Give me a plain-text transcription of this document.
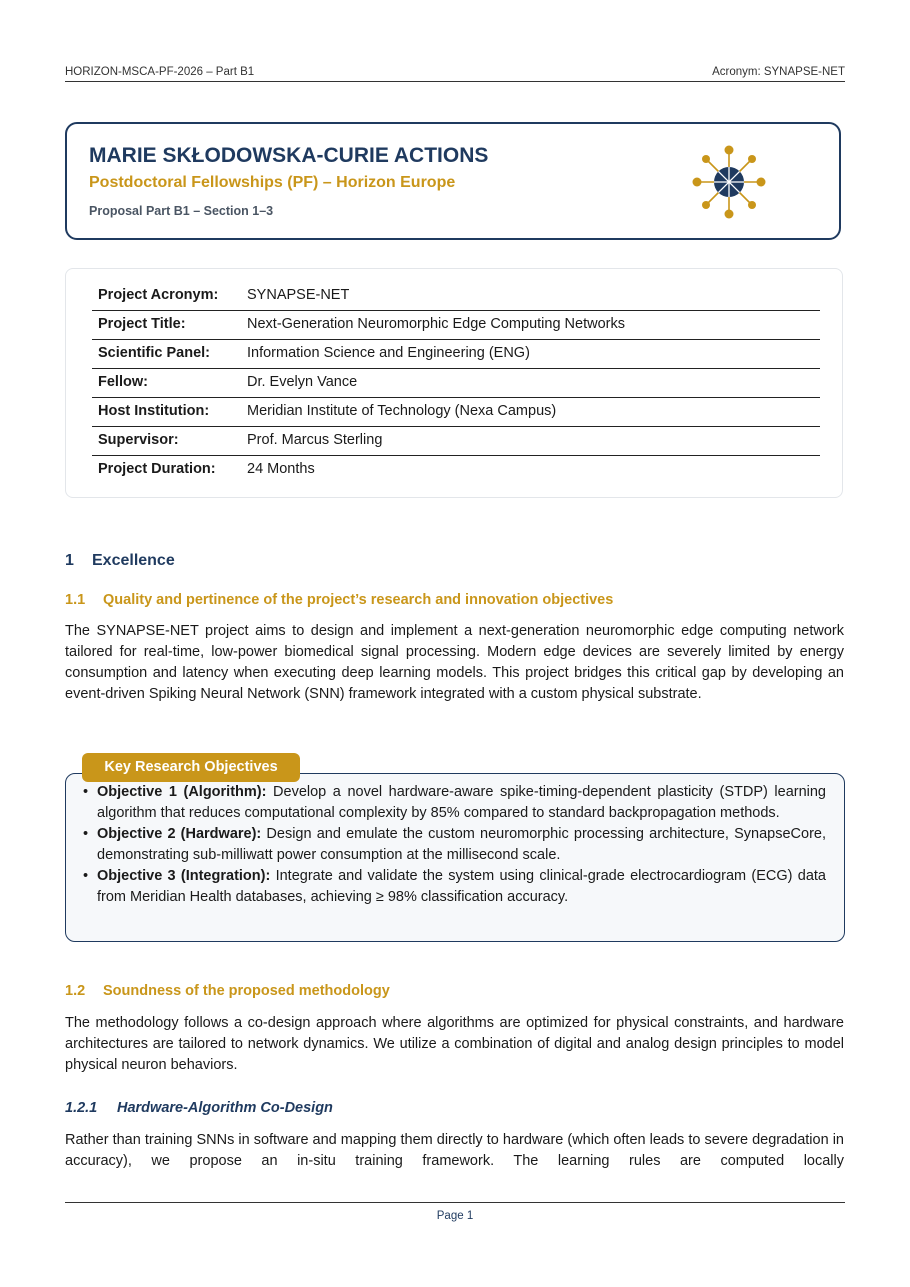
HORIZON-MSCA-PF-2026 – Part B1	Acronym: SYNAPSE-NET
MARIE SKŁODOWSKA-CURIE ACTIONS
Postdoctoral Fellowships (PF) – Horizon Europe
Proposal Part B1 – Section 1–3
Project Acronym: SYNAPSE-NET
Project Title:	Next-Generation Neuromorphic Edge Computing Networks
Scientific Panel:	Information Science and Engineering (ENG)
Fellow:	Dr. Evelyn Vance
Host Institution:	Meridian Institute of Technology (Nexa Campus)
Supervisor:	Prof. Marcus Sterling
Project Duration: 24 Months
1 Excellence
1.1 Quality and pertinence of the project’s research and innovation objectives

The SYNAPSE-NET project aims to design and implement a next-generation neuromorphic edge computing network tailored for real-time, low-power biomedical signal processing. Modern edge devices are severely limited by energy consumption and latency when executing deep learning models. This project bridges this critical gap by developing an event-driven Spiking Neural Network (SNN) framework integrated with a custom physical substrate.

Key Research Objectives
• Objective 1 (Algorithm): Develop a novel hardware-aware spike-timing-dependent plasticity (STDP) learning algorithm that reduces computational complexity by 85% compared to standard backpropagation methods.
• Objective 2 (Hardware): Design and emulate the custom neuromorphic processing architecture, SynapseCore, demonstrating sub-milliwatt power consumption at the millisecond scale.
• Objective 3 (Integration): Integrate and validate the system using clinical-grade electrocardiogram (ECG) data from Meridian Health databases, achieving ≥ 98% classification accuracy.
1.2 Soundness of the proposed methodology

The methodology follows a co-design approach where algorithms are optimized for physical constraints, and hardware architectures are tailored to network dynamics. We utilize a combination of digital and analog design principles to model physical neuron behaviors.

1.2.1 Hardware-Algorithm Co-Design

Rather than training SNNs in software and mapping them directly to hardware (which often leads to severe degradation in accuracy), we propose an in-situ training framework. The learning rules are computed locally

Page 1
